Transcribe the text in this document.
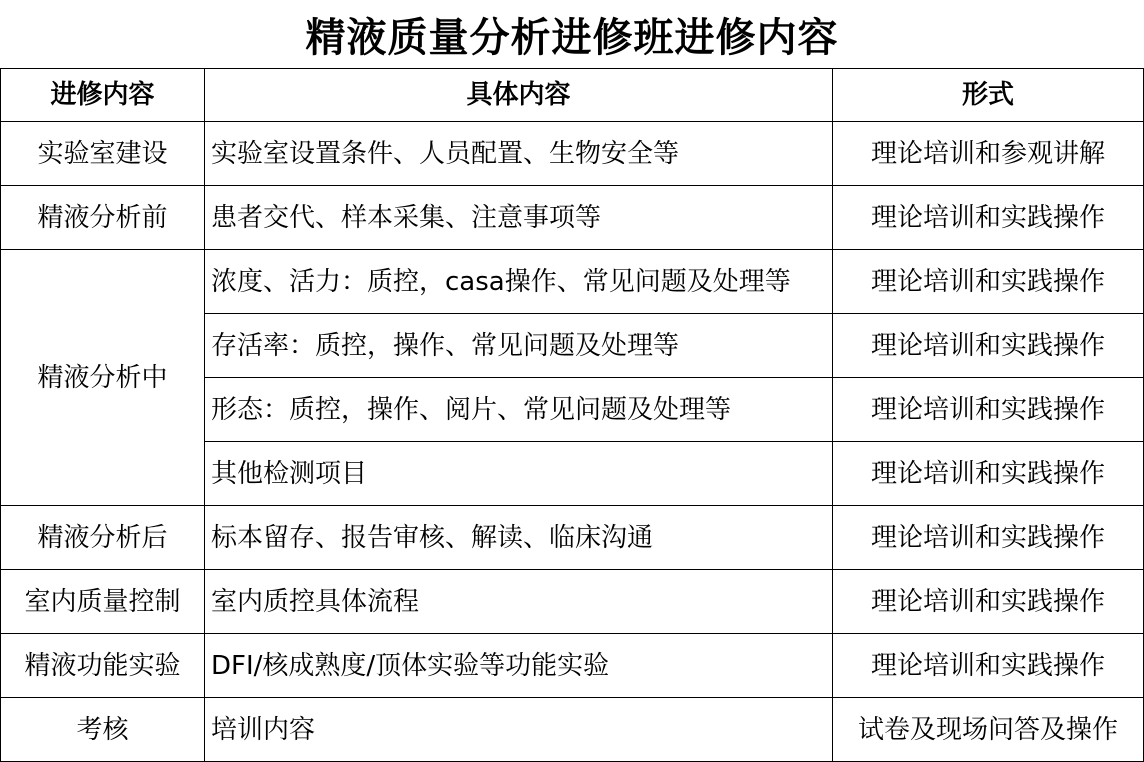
精液质量分析进修班进修内容
进修内容	具体内容	形式
实验室建设	实验室设置条件、人员配置、生物安全等	理论培训和参观讲解
精液分析前	患者交代、样本采集、注意事项等	理论培训和实践操作
精液分析中	浓度、活力：质控，casa操作、常见问题及处理等	理论培训和实践操作
	存活率：质控，操作、常见问题及处理等	理论培训和实践操作
	形态：质控，操作、阅片、常见问题及处理等	理论培训和实践操作
	其他检测项目	理论培训和实践操作
精液分析后	标本留存、报告审核、解读、临床沟通	理论培训和实践操作
室内质量控制	室内质控具体流程	理论培训和实践操作
精液功能实验	DFI/核成熟度/顶体实验等功能实验	理论培训和实践操作
考核	培训内容	试卷及现场问答及操作
